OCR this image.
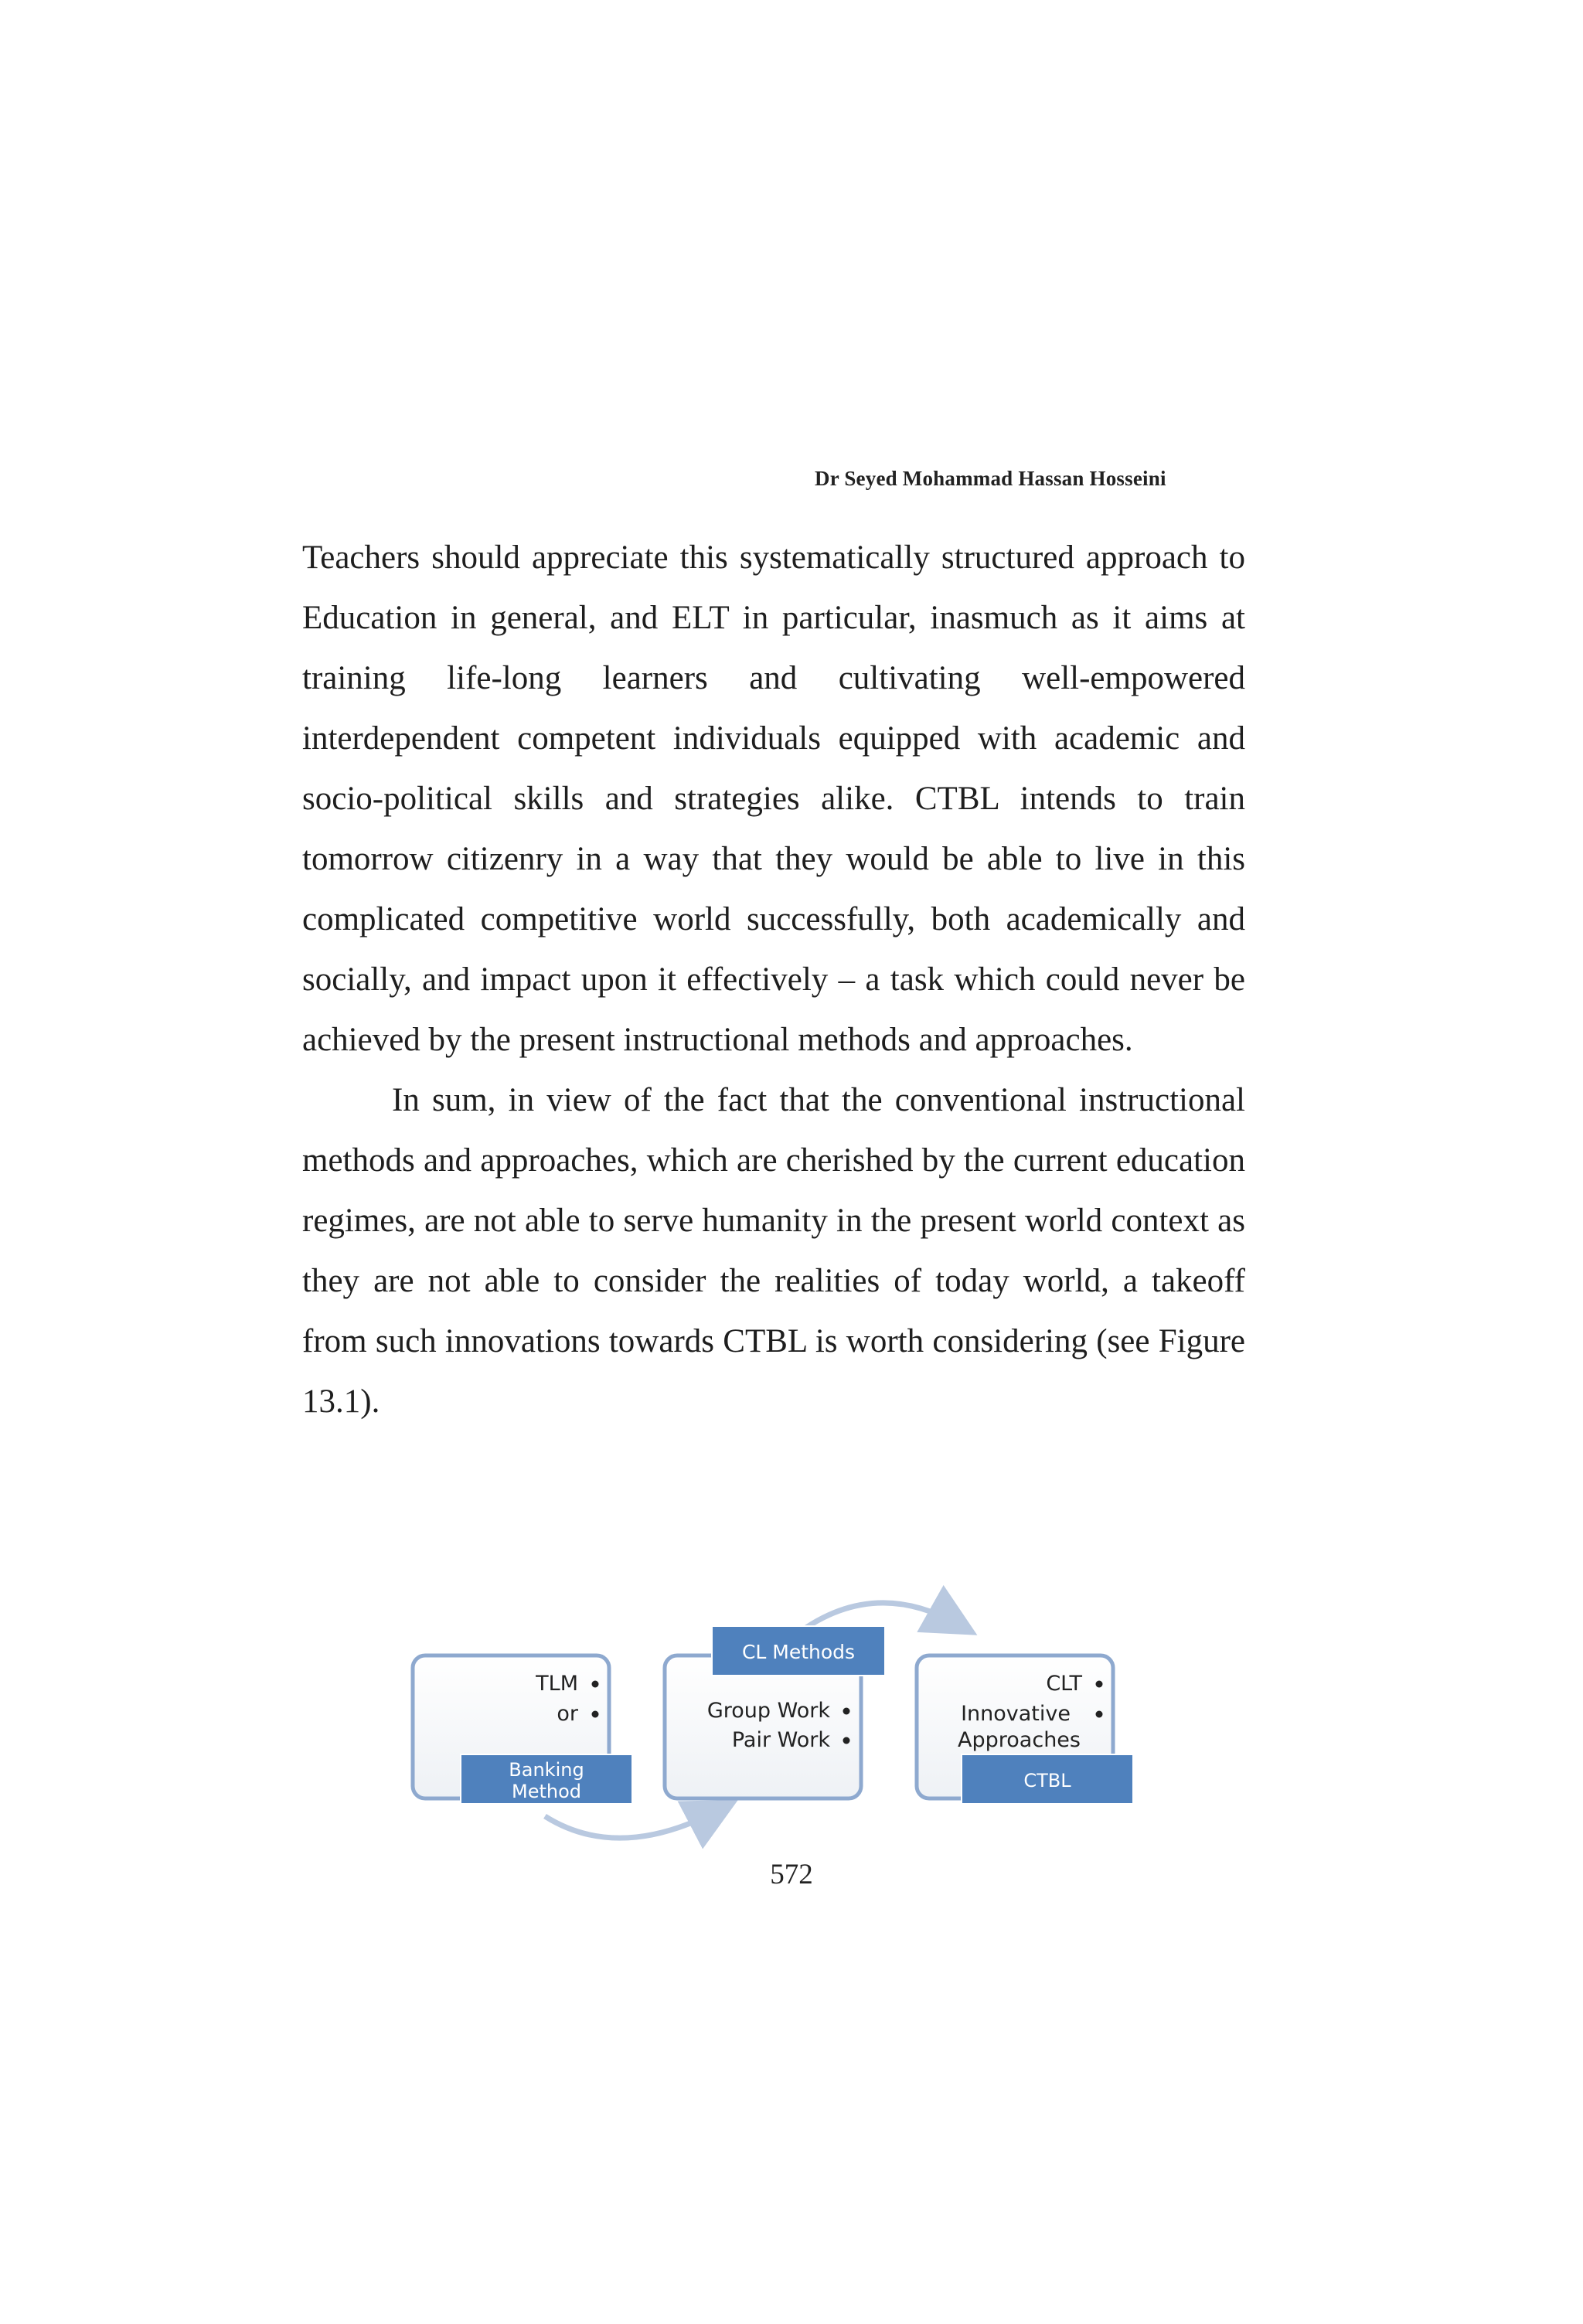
Dr Seyed Mohammad Hassan Hosseini

Teachers should appreciate this systematically structured approach to Education in general, and ELT in particular, inasmuch as it aims at training life-long learners and cultivating well-empowered interdependent competent individuals equipped with academic and socio-political skills and strategies alike. CTBL intends to train tomorrow citizenry in a way that they would be able to live in this complicated competitive world successfully, both academically and socially, and impact upon it effectively – a task which could never be achieved by the present instructional methods and approaches.

In sum, in view of the fact that the conventional instructional methods and approaches, which are cherished by the current education regimes, are not able to serve humanity in the present world context as they are not able to consider the realities of today world, a takeoff from such innovations towards CTBL is worth considering (see Figure 13.1).

TLM
or
Banking
Method
CL Methods
Group Work
Pair Work
CLT
Innovative
Approaches
CTBL
572
